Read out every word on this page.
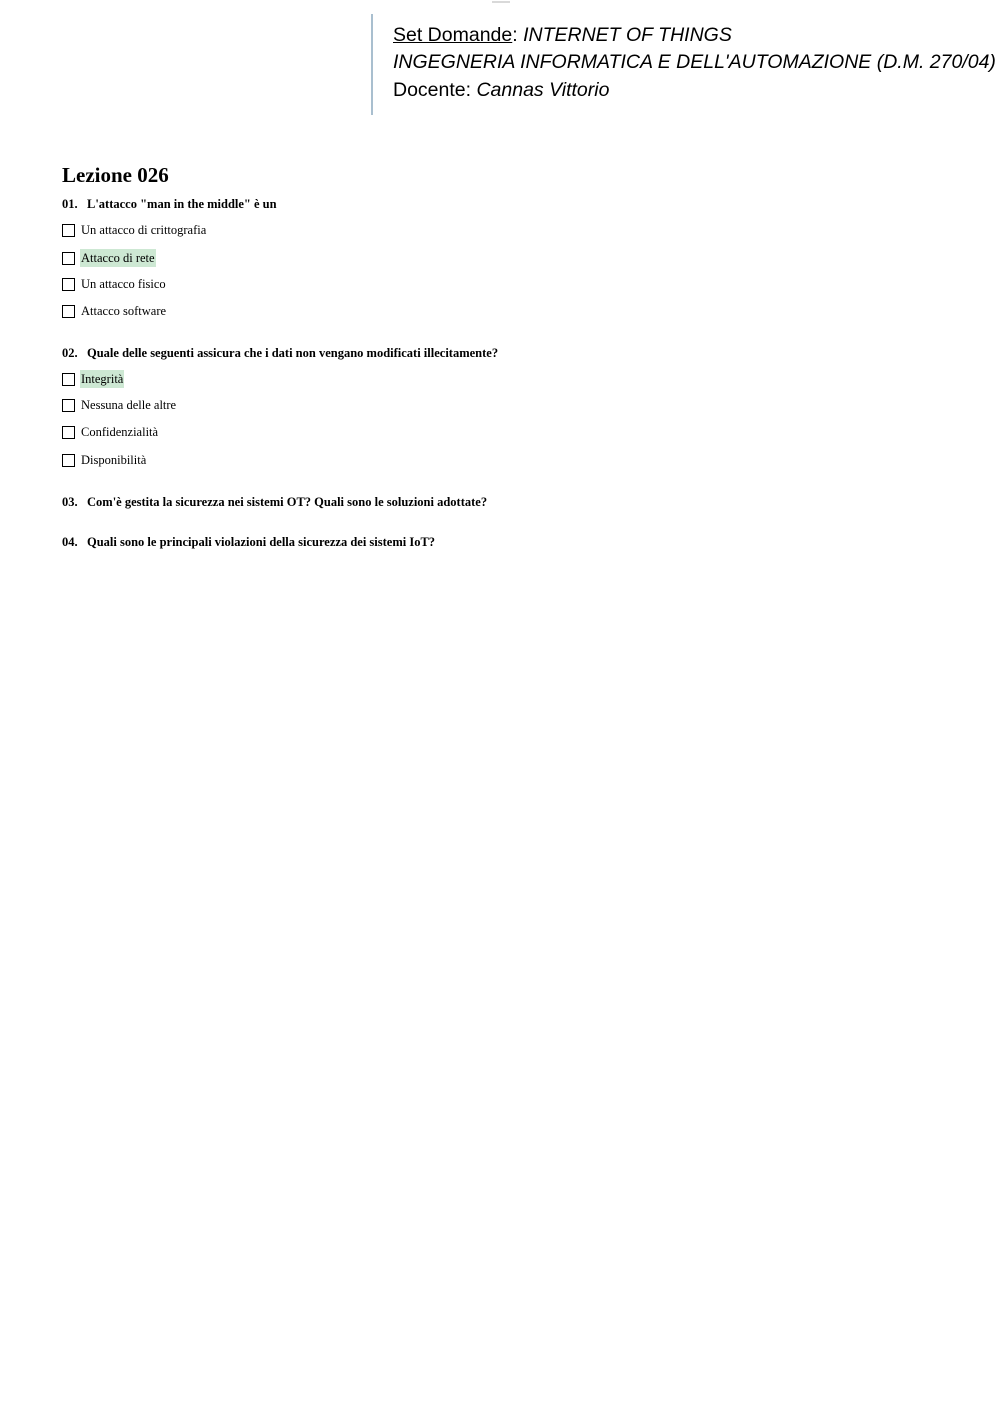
Set Domande: INTERNET OF THINGS
INGEGNERIA INFORMATICA E DELL'AUTOMAZIONE (D.M. 270/04)
Docente: Cannas Vittorio
Lezione 026
01. L'attacco "man in the middle" è un
Un attacco di crittografia
Attacco di rete
Un attacco fisico
Attacco software
02. Quale delle seguenti assicura che i dati non vengano modificati illecitamente?
Integrità
Nessuna delle altre
Confidenzialità
Disponibilità
03. Com'è gestita la sicurezza nei sistemi OT? Quali sono le soluzioni adottate?
04. Quali sono le principali violazioni della sicurezza dei sistemi IoT?
